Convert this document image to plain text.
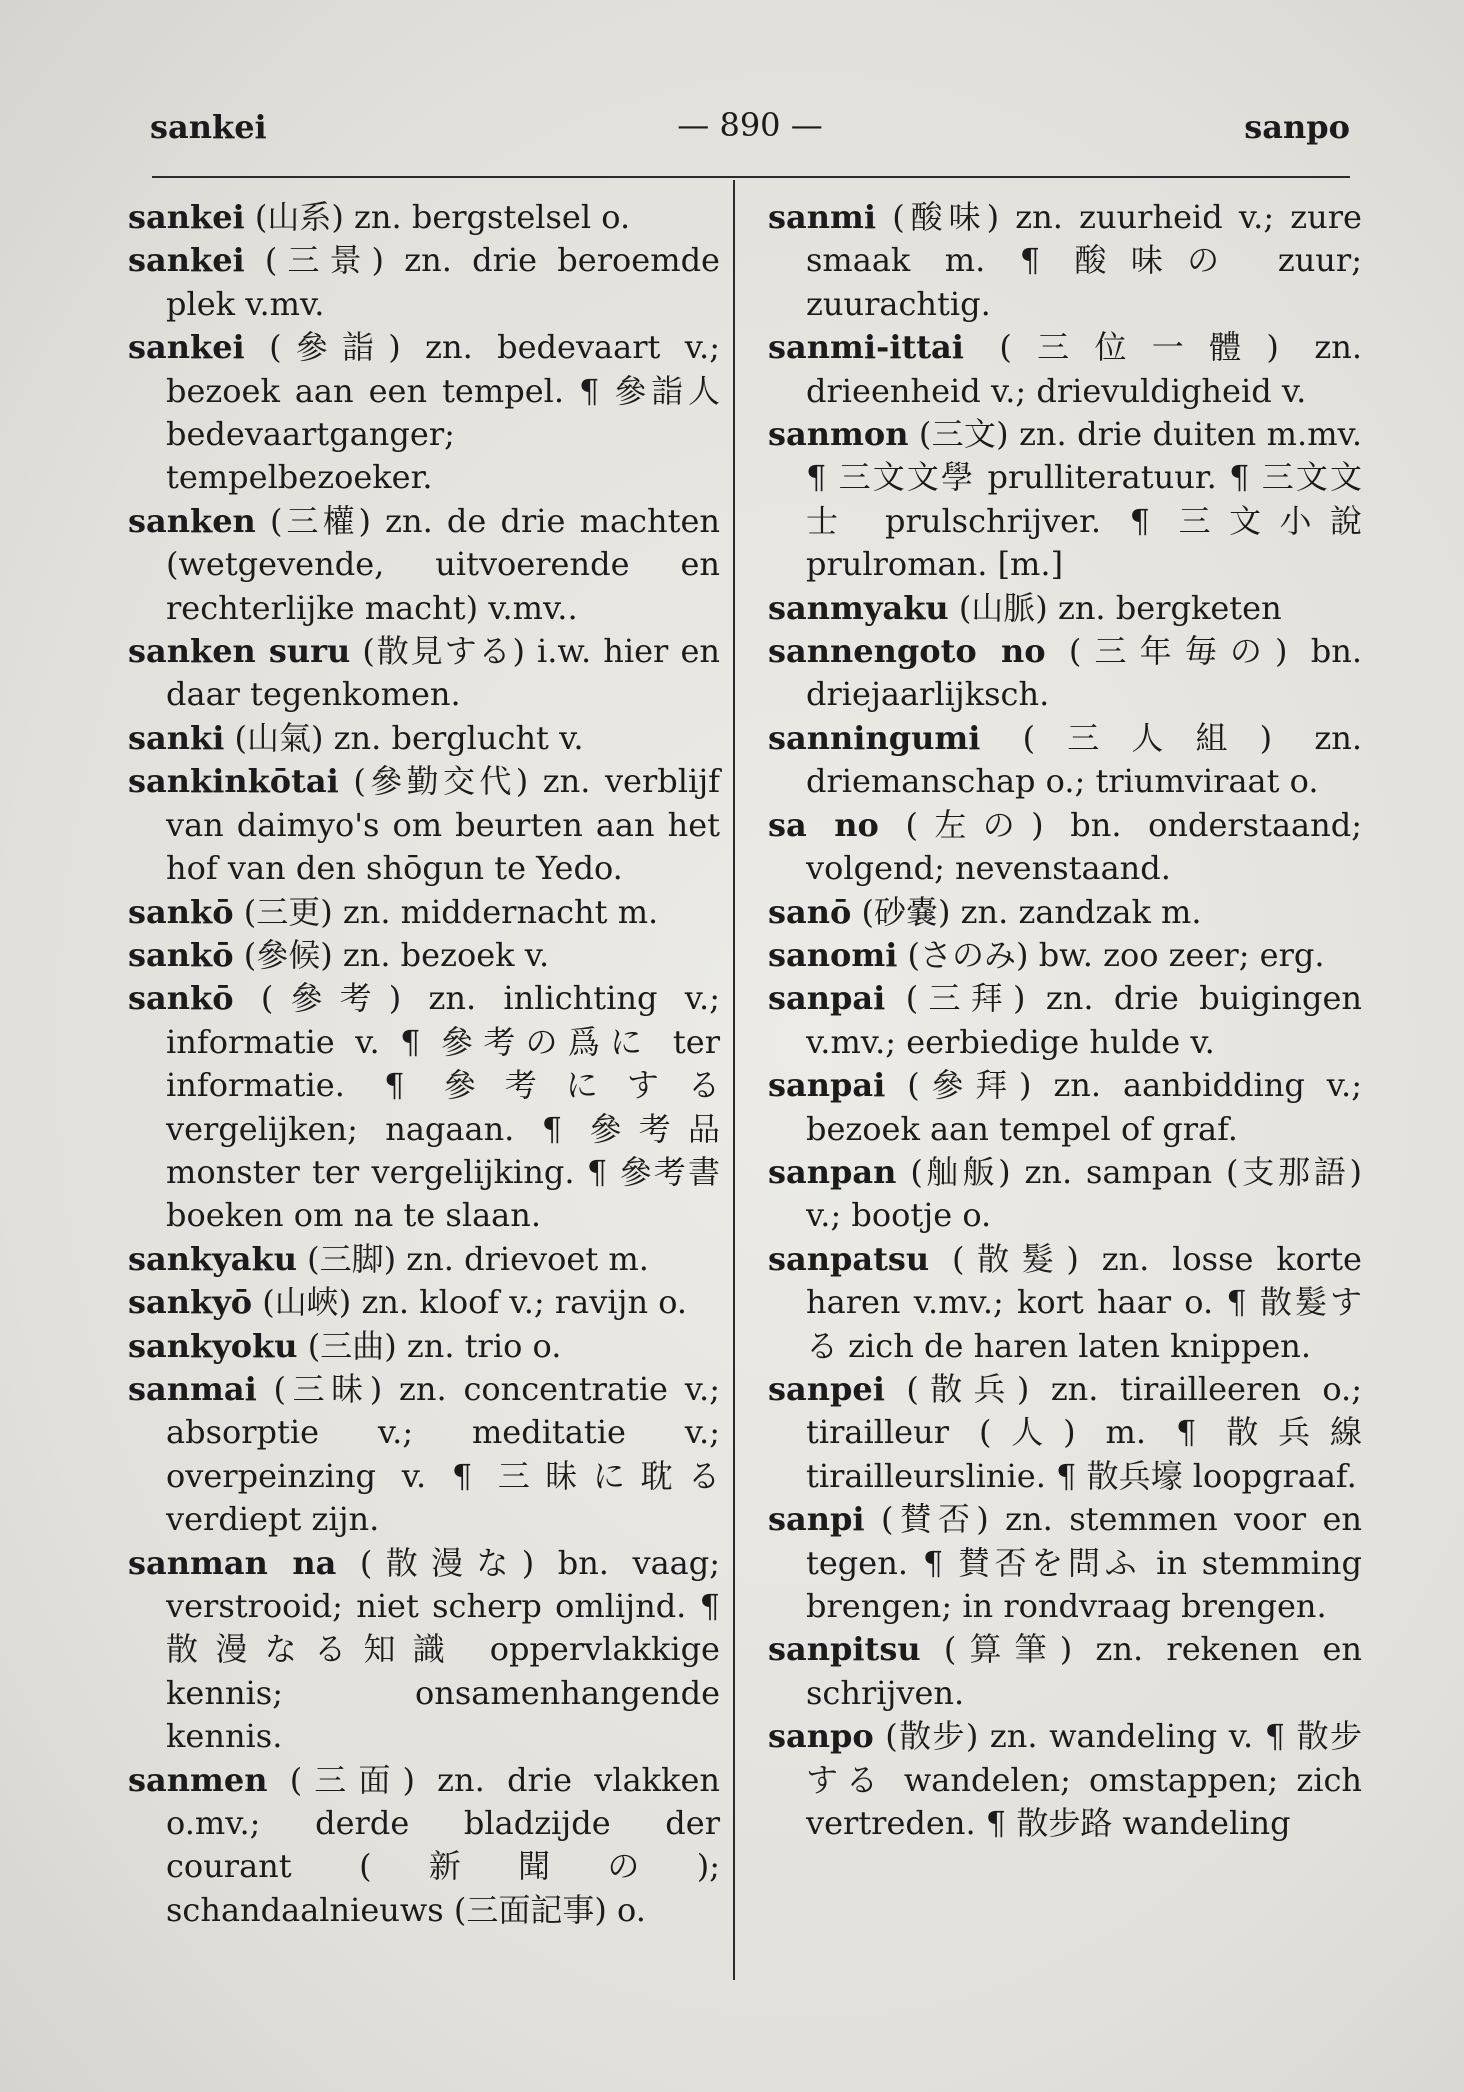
sankei	— 890 —	sanpo

sankei (山系) zn. bergstelsel o.

sankei (三景) zn. drie beroemde plek v.mv.

sankei (參詣) zn. bedevaart v.; bezoek aan een tempel. ¶ 參詣人 bedevaartganger; tempelbezoeker.

sanken (三權) zn. de drie machten (wetgevende, uitvoerende en rechterlijke macht) v.mv..

sanken suru (散見する) i.w. hier en daar tegenkomen.

sanki (山氣) zn. berglucht v.

sankinkōtai (參勤交代) zn. verblijf van daimyo's om beurten aan het hof van den shōgun te Yedo.

sankō (三更) zn. middernacht m.

sankō (參候) zn. bezoek v.

sankō (參考) zn. inlichting v.; informatie v. ¶ 參考の爲に ter informatie. ¶ 參考にする vergelijken; nagaan. ¶ 參考品 monster ter vergelijking. ¶ 參考書 boeken om na te slaan.

sankyaku (三脚) zn. drievoet m.

sankyō (山峽) zn. kloof v.; ravijn o.

sankyoku (三曲) zn. trio o.

sanmai (三昧) zn. concentratie v.; absorptie v.; meditatie v.; overpeinzing v. ¶ 三昧に耽る verdiept zijn.

sanman na (散漫な) bn. vaag; verstrooid; niet scherp omlijnd. ¶ 散漫なる知識 oppervlakkige kennis; onsamenhangende kennis.

sanmen (三面) zn. drie vlakken o.mv.; derde bladzijde der courant (新聞の); schandaalnieuws (三面記事) o.

sanmi (酸味) zn. zuurheid v.; zure smaak m. ¶ 酸味の zuur; zuurachtig.

sanmi-ittai (三位一體) zn. drieenheid v.; drievuldigheid v.

sanmon (三文) zn. drie duiten m.mv. ¶ 三文文學 prulliteratuur. ¶ 三文文士 prulschrijver. ¶ 三文小說 prulroman. [m.]

sanmyaku (山脈) zn. bergketen

sannengoto no (三年毎の) bn. driejaarlijksch.

sanningumi (三人組) zn. driemanschap o.; triumviraat o.

sa no (左の) bn. onderstaand; volgend; nevenstaand.

sanō (砂嚢) zn. zandzak m.

sanomi (さのみ) bw. zoo zeer; erg.

sanpai (三拜) zn. drie buigingen v.mv.; eerbiedige hulde v.

sanpai (參拜) zn. aanbidding v.; bezoek aan tempel of graf.

sanpan (舢舨) zn. sampan (支那語) v.; bootje o.

sanpatsu (散髮) zn. losse korte haren v.mv.; kort haar o. ¶ 散髮する zich de haren laten knippen.

sanpei (散兵) zn. tirailleeren o.; tirailleur (人) m. ¶ 散兵線 tirailleurslinie. ¶ 散兵壕 loopgraaf.

sanpi (賛否) zn. stemmen voor en tegen. ¶ 賛否を問ふ in stemming brengen; in rondvraag brengen.

sanpitsu (算筆) zn. rekenen en schrijven.

sanpo (散步) zn. wandeling v. ¶ 散步する wandelen; omstappen; zich vertreden. ¶ 散步路 wandeling
